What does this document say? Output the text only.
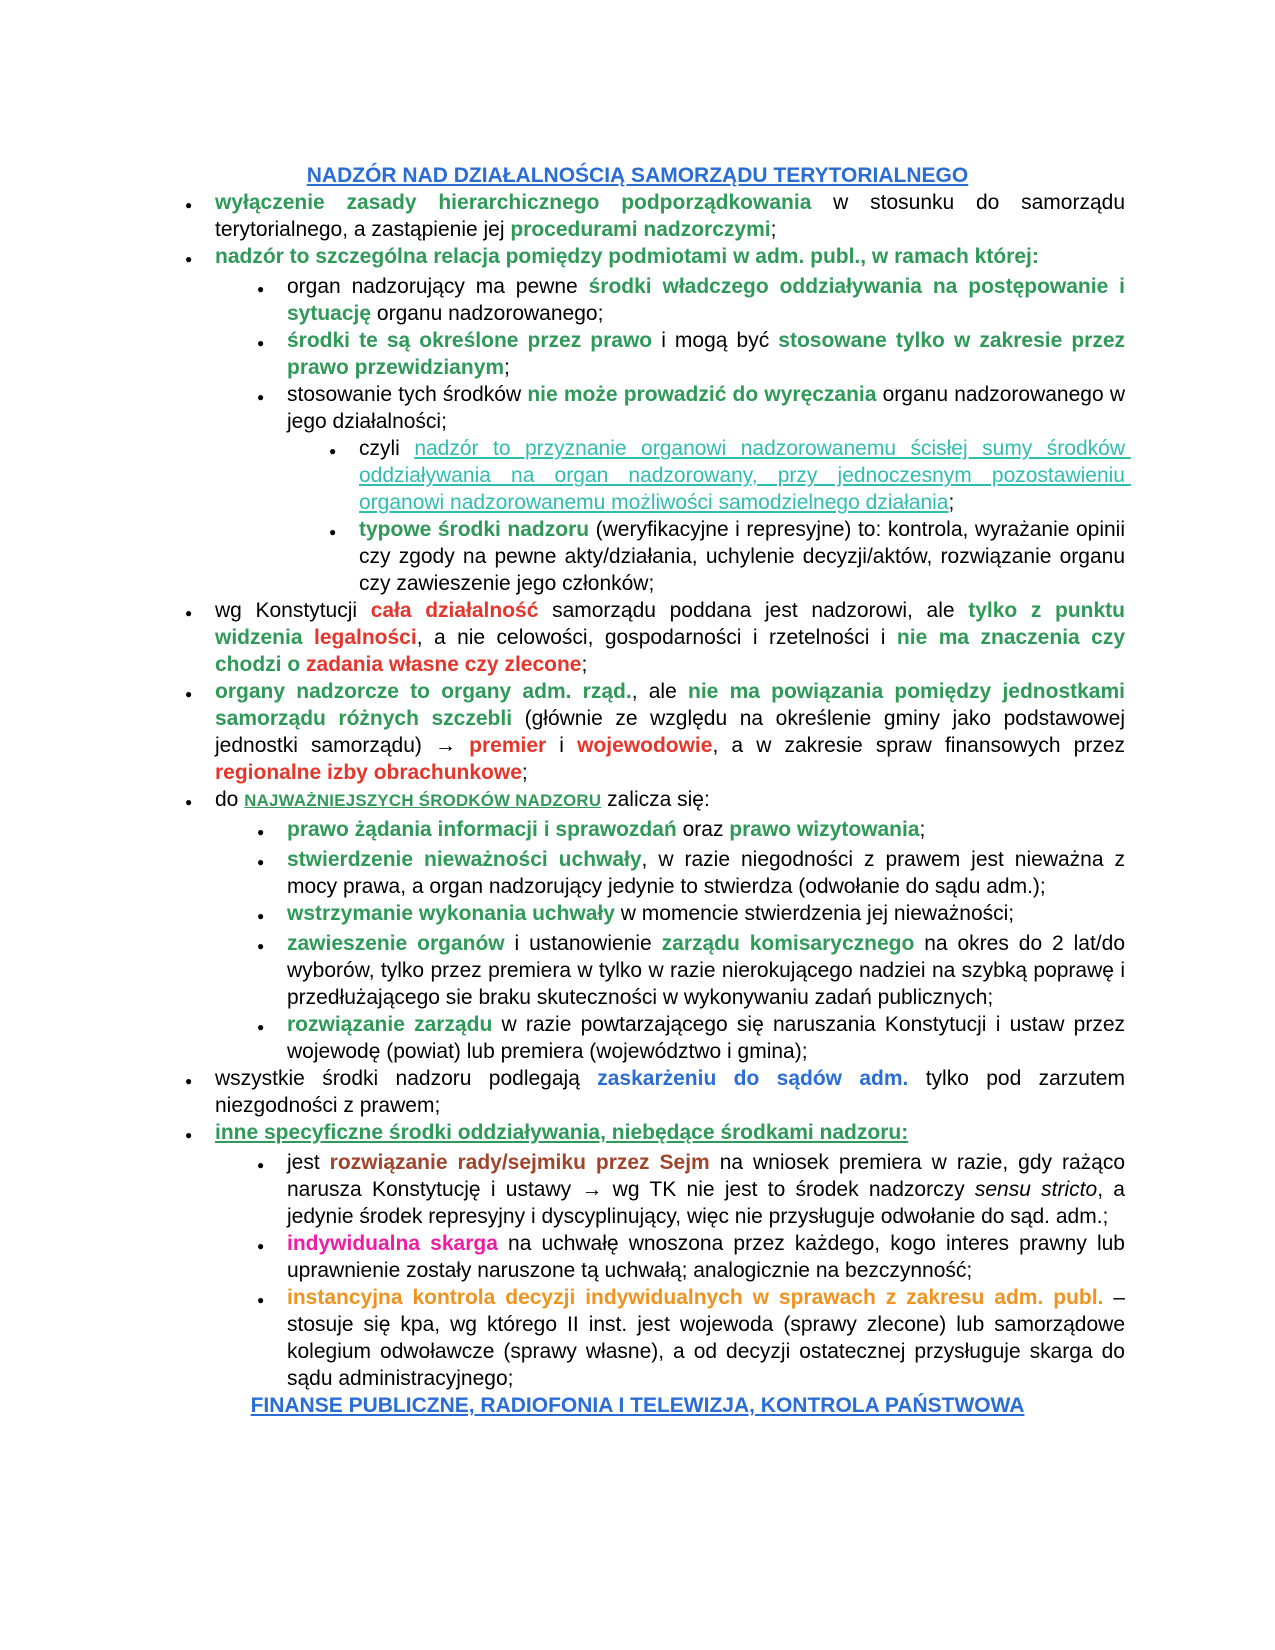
NADZÓR NAD DZIAŁALNOŚCIĄ SAMORZĄDU TERYTORIALNEGO
●
wyłączenie zasady hierarchicznego podporządkowania w stosunku do samorządu terytorialnego, a zastąpienie jej procedurami nadzorczymi;
●
nadzór to szczególna relacja pomiędzy podmiotami w adm. publ., w ramach której:
●
organ nadzorujący ma pewne środki władczego oddziaływania na postępowanie i sytuację organu nadzorowanego;
●
środki te są określone przez prawo i mogą być stosowane tylko w zakresie przez prawo przewidzianym;
●
stosowanie tych środków nie może prowadzić do wyręczania organu nadzorowanego w jego działalności;
●
czyli nadzór to przyznanie organowi nadzorowanemu ścisłej sumy środków oddziaływania na organ nadzorowany, przy jednoczesnym pozostawieniu organowi nadzorowanemu możliwości samodzielnego działania;
●
typowe środki nadzoru (weryfikacyjne i represyjne) to: kontrola, wyrażanie opinii czy zgody na pewne akty/działania, uchylenie decyzji/aktów, rozwiązanie organu czy zawieszenie jego członków;
●
wg Konstytucji cała działalność samorządu poddana jest nadzorowi, ale tylko z punktu widzenia legalności, a nie celowości, gospodarności i rzetelności i nie ma znaczenia czy chodzi o zadania własne czy zlecone;
●
organy nadzorcze to organy adm. rząd., ale nie ma powiązania pomiędzy jednostkami samorządu różnych szczebli (głównie ze względu na określenie gminy jako podstawowej jednostki samorządu) → premier i wojewodowie, a w zakresie spraw finansowych przez regionalne izby obrachunkowe;
●
do NAJWAŻNIEJSZYCH ŚRODKÓW NADZORU zalicza się:
●
prawo żądania informacji i sprawozdań oraz prawo wizytowania;
●
stwierdzenie nieważności uchwały, w razie niegodności z prawem jest nieważna z mocy prawa, a organ nadzorujący jedynie to stwierdza (odwołanie do sądu adm.);
●
wstrzymanie wykonania uchwały w momencie stwierdzenia jej nieważności;
●
zawieszenie organów i ustanowienie zarządu komisarycznego na okres do 2 lat/do wyborów, tylko przez premiera w tylko w razie nierokującego nadziei na szybką poprawę i przedłużającego sie braku skuteczności w wykonywaniu zadań publicznych;
●
rozwiązanie zarządu w razie powtarzającego się naruszania Konstytucji i ustaw przez wojewodę (powiat) lub premiera (województwo i gmina);
●
wszystkie środki nadzoru podlegają zaskarżeniu do sądów adm. tylko pod zarzutem niezgodności z prawem;
●
inne specyficzne środki oddziaływania, niebędące środkami nadzoru:
●
jest rozwiązanie rady/sejmiku przez Sejm na wniosek premiera w razie, gdy rażąco narusza Konstytucję i ustawy → wg TK nie jest to środek nadzorczy sensu stricto, a jedynie środek represyjny i dyscyplinujący, więc nie przysługuje odwołanie do sąd. adm.;
●
indywidualna skarga na uchwałę wnoszona przez każdego, kogo interes prawny lub uprawnienie zostały naruszone tą uchwałą; analogicznie na bezczynność;
●
instancyjna kontrola decyzji indywidualnych w sprawach z zakresu adm. publ. – stosuje się kpa, wg którego II inst. jest wojewoda (sprawy zlecone) lub samorządowe kolegium odwoławcze (sprawy własne), a od decyzji ostatecznej przysługuje skarga do sądu administracyjnego;
FINANSE PUBLICZNE, RADIOFONIA I TELEWIZJA, KONTROLA PAŃSTWOWA
